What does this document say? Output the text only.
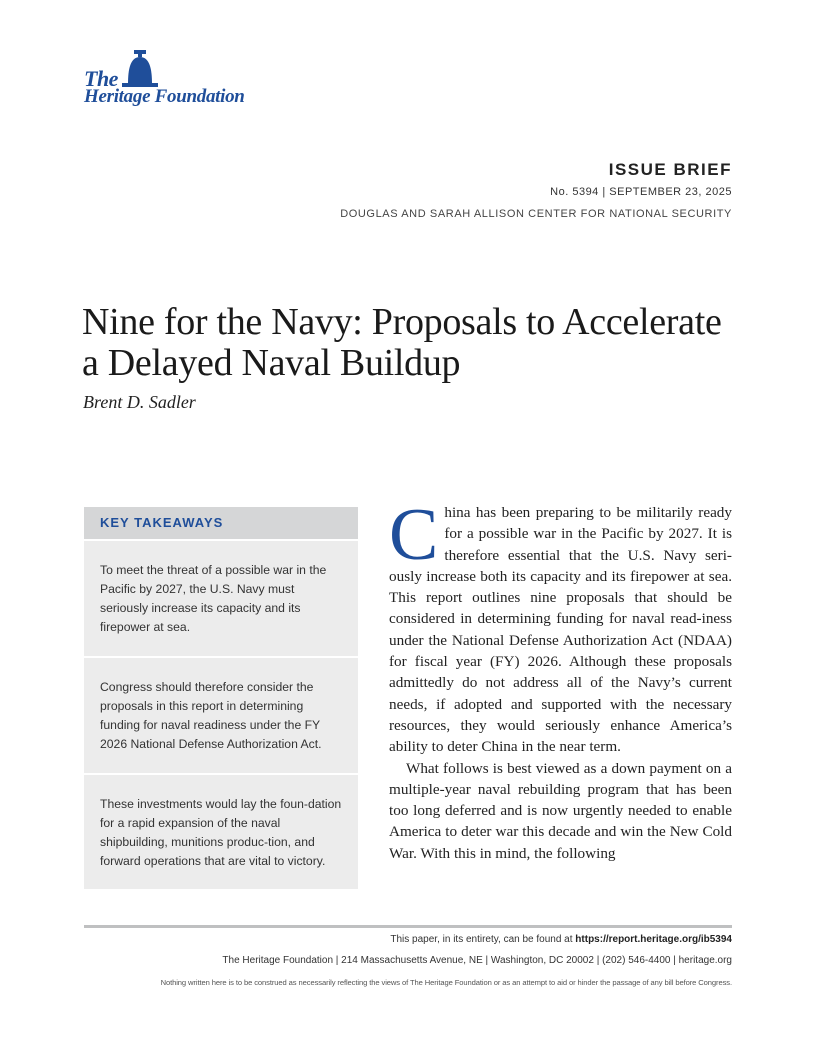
The
Heritage Foundation
ISSUE BRIEF
No. 5394 | SEPTEMBER 23, 2025
DOUGLAS AND SARAH ALLISON CENTER FOR NATIONAL SECURITY
Nine for the Navy: Proposals to Accelerate a Delayed Naval Buildup
Brent D. Sadler
KEY TAKEAWAYS
To meet the threat of a possible war in the Pacific by 2027, the U.S. Navy must seriously increase its capacity and its firepower at sea.
Congress should therefore consider the proposals in this report in determining funding for naval readiness under the FY 2026 National Defense Authorization Act.
These investments would lay the foun-dation for a rapid expansion of the naval shipbuilding, munitions produc-tion, and forward operations that are vital to victory.

China has been preparing to be militarily ready for a possible war in the Pacific by 2027. It is therefore essential that the U.S. Navy seri-ously increase both its capacity and its firepower at sea. This report outlines nine proposals that should be considered in determining funding for naval read-iness under the National Defense Authorization Act (NDAA) for fiscal year (FY) 2026. Although these proposals admittedly do not address all of the Navy’s current needs, if adopted and supported with the necessary resources, they would seriously enhance America’s ability to deter China in the near term.

What follows is best viewed as a down payment on a multiple-year naval rebuilding program that has been too long deferred and is now urgently needed to enable America to deter war this decade and win the New Cold War. With this in mind, the following

This paper, in its entirety, can be found at https://report.heritage.org/ib5394
The Heritage Foundation | 214 Massachusetts Avenue, NE | Washington, DC 20002 | (202) 546-4400 | heritage.org
Nothing written here is to be construed as necessarily reflecting the views of The Heritage Foundation or as an attempt to aid or hinder the passage of any bill before Congress.
